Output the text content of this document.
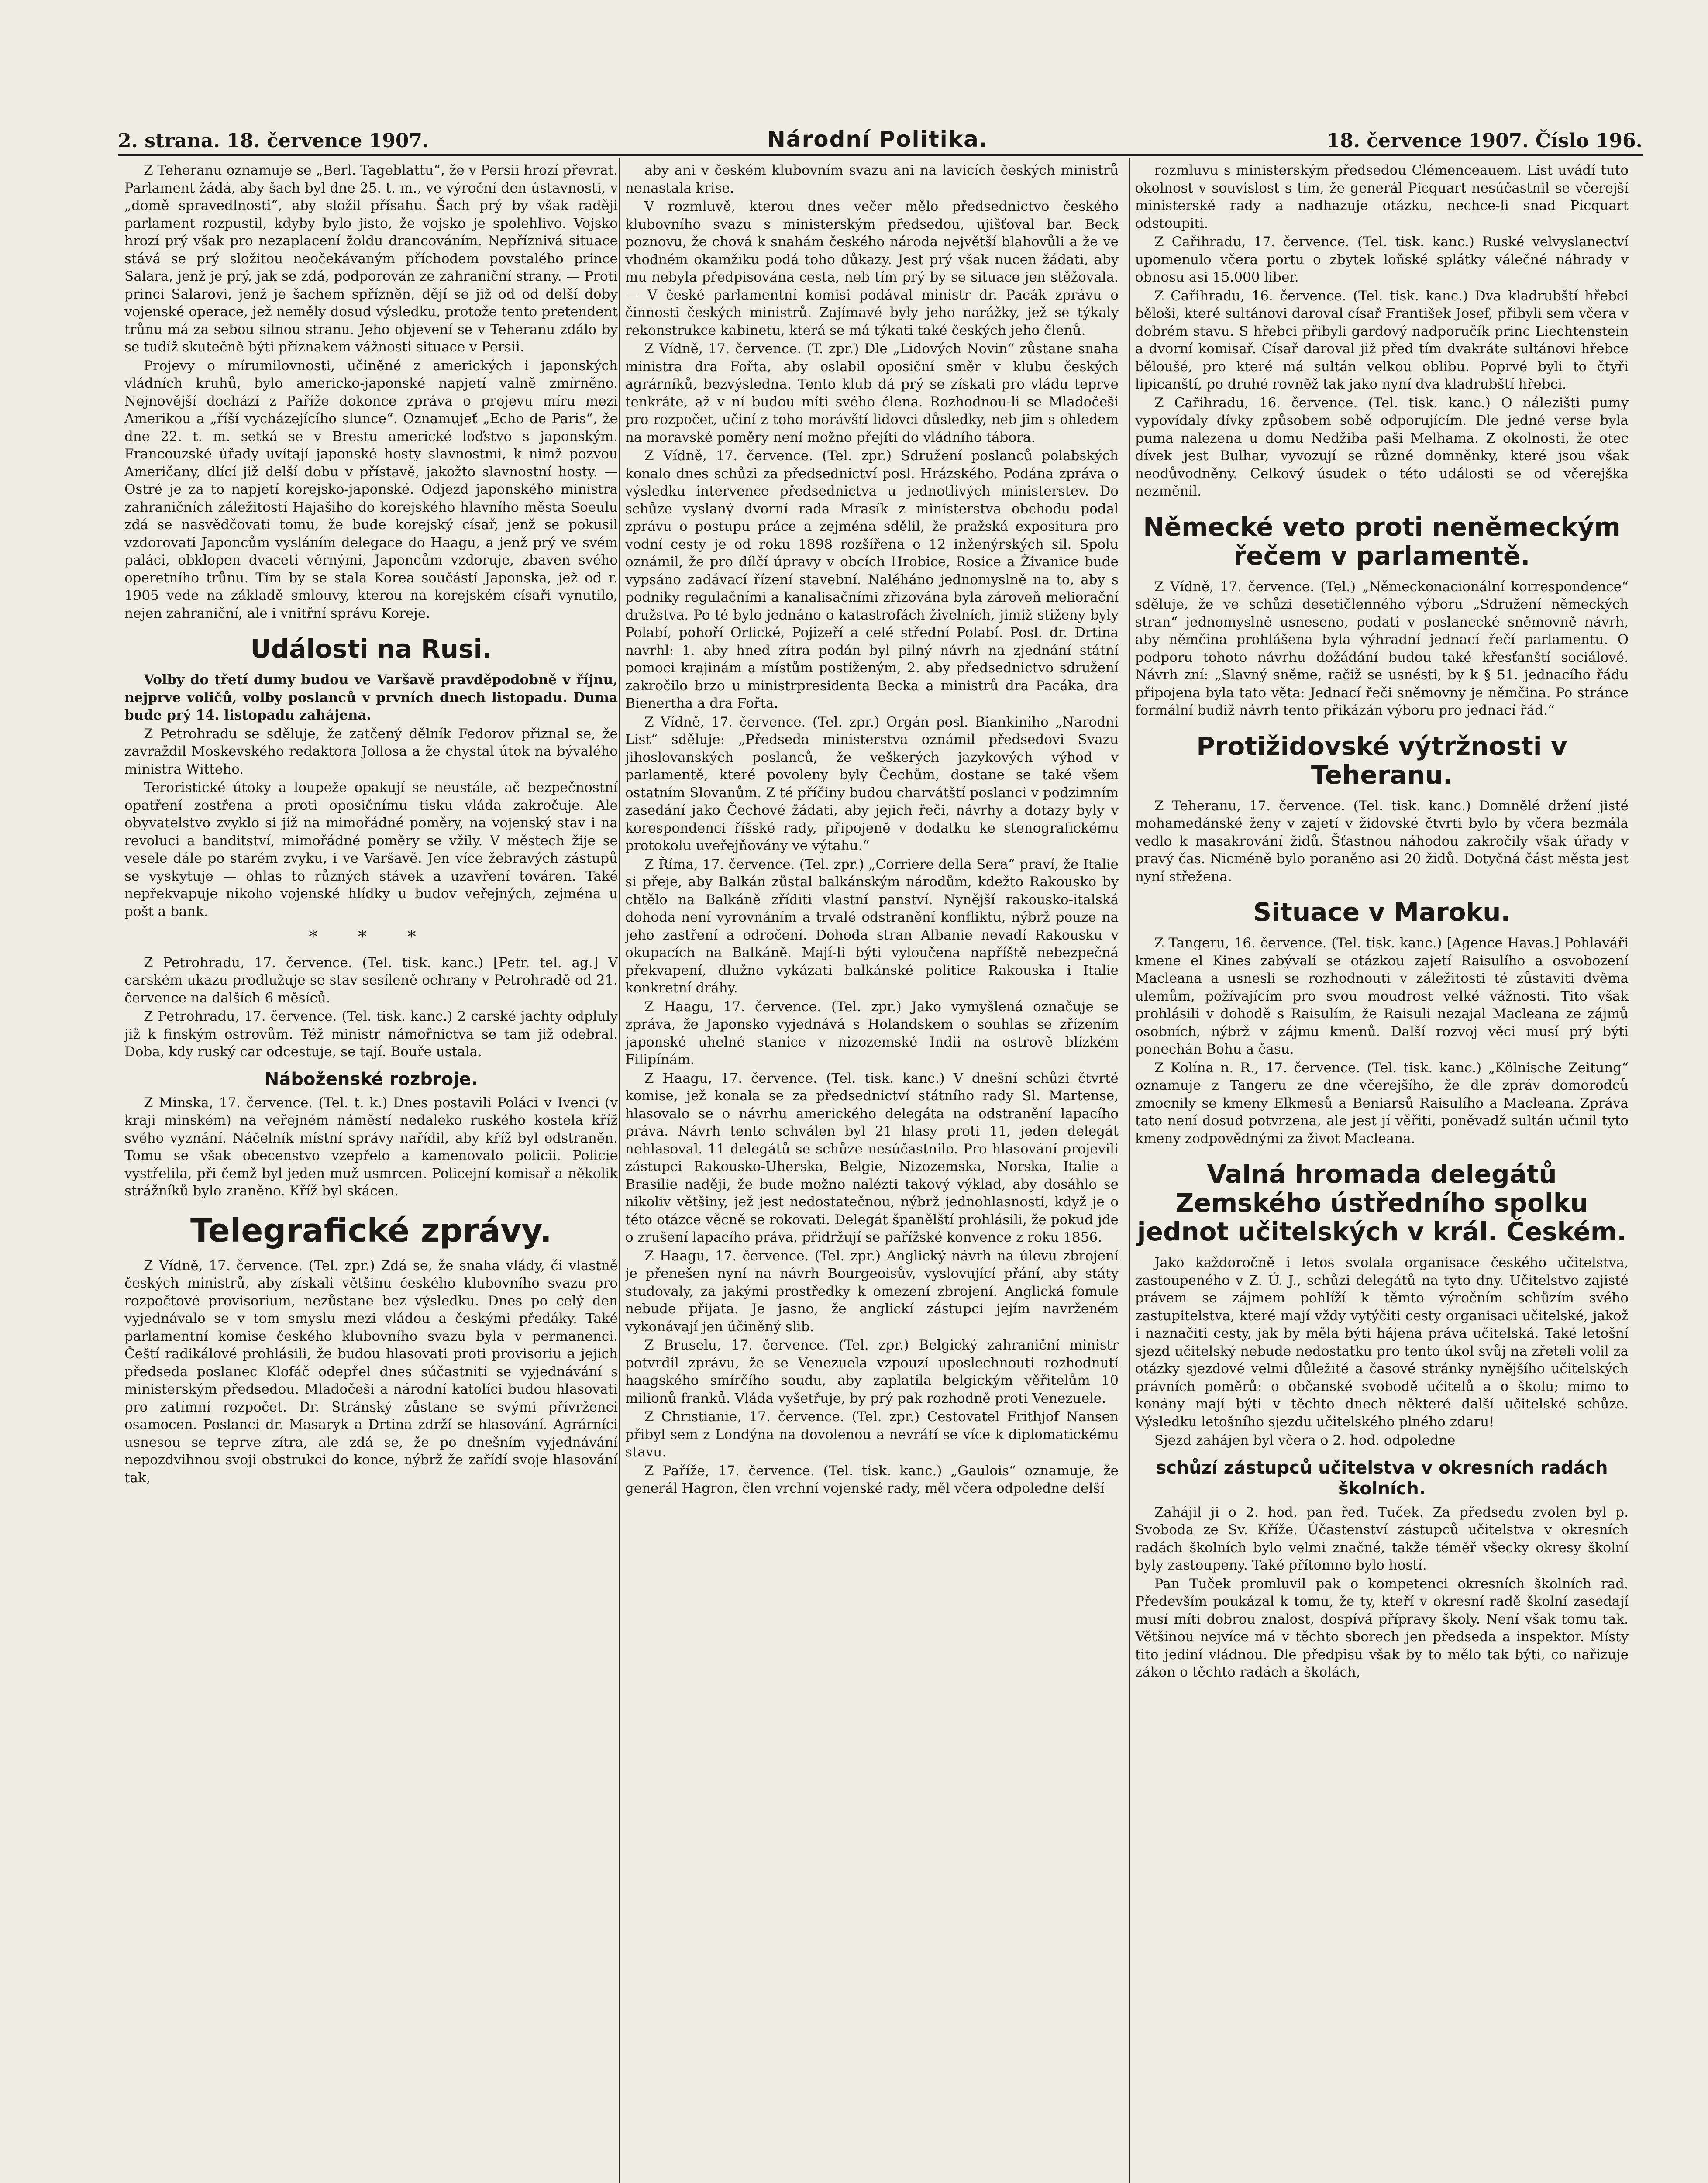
2. strana. 18. července 1907.	Národní Politika.	18. července 1907. Číslo 196.

Z Teheranu oznamuje se „Berl. Tageblattu“, že v Persii hrozí převrat. Parlament žádá, aby šach byl dne 25. t. m., ve výroční den ústavnosti, v „domě spravedlnosti“, aby složil přísahu. Šach prý by však raději parlament rozpustil, kdyby bylo jisto, že vojsko je spolehlivo. Vojsko hrozí prý však pro nezaplacení žoldu drancováním. Nepříznivá situace stává se prý složitou neočekávaným příchodem povstalého prince Salara, jenž je prý, jak se zdá, podporován ze zahraniční strany. — Proti princi Salarovi, jenž je šachem spřízněn, dějí se již od od delší doby vojenské operace, jež neměly dosud výsledku, protože tento pretendent trůnu má za sebou silnou stranu. Jeho objevení se v Teheranu zdálo by se tudíž skutečně býti příznakem vážnosti situace v Persii.

Projevy o mírumilovnosti, učiněné z amerických i japonských vládních kruhů, bylo americko-japonské napjetí valně zmírněno. Nejnovější dochází z Paříže dokonce zpráva o projevu míru mezi Amerikou a „říší vycházejícího slunce“. Oznamujeť „Echo de Paris“, že dne 22. t. m. setká se v Brestu americké loďstvo s japonským. Francouzské úřady uvítají japonské hosty slavnostmi, k nimž pozvou Američany, dlící již delší dobu v přístavě, jakožto slavnostní hosty. — Ostré je za to napjetí korejsko-japonské. Odjezd japonského ministra zahraničních záležitostí Hajašiho do korejského hlavního města Soeulu zdá se nasvědčovati tomu, že bude korejský císař, jenž se pokusil vzdorovati Japoncům vysláním delegace do Haagu, a jenž prý ve svém paláci, obklopen dvaceti věrnými, Japoncům vzdoruje, zbaven svého operetního trůnu. Tím by se stala Korea součástí Japonska, jež od r. 1905 vede na základě smlouvy, kterou na korejském císaři vynutilo, nejen zahraniční, ale i vnitřní správu Koreje.

Události na Rusi.

Volby do třetí dumy budou ve Varšavě pravděpodobně v říjnu, nejprve voličů, volby poslanců v prvních dnech listopadu. Duma bude prý 14. listopadu zahájena.

Z Petrohradu se sděluje, že zatčený dělník Fedorov přiznal se, že zavraždil Moskevského redaktora Jollosa a že chystal útok na bývalého ministra Witteho.

Teroristické útoky a loupeže opakují se neustále, ač bezpečnostní opatření zostřena a proti oposičnímu tisku vláda zakročuje. Ale obyvatelstvo zvyklo si již na mimořádné poměry, na vojenský stav i na revoluci a banditství, mimořádné poměry se vžily. V městech žije se vesele dále po starém zvyku, i ve Varšavě. Jen více žebravých zástupů se vyskytuje — ohlas to různých stávek a uzavření továren. Také nepřekvapuje nikoho vojenské hlídky u budov veřejných, zejména u pošt a bank.

* * *

Z Petrohradu, 17. července. (Tel. tisk. kanc.) [Petr. tel. ag.] V carském ukazu prodlužuje se stav sesíleně ochrany v Petrohradě od 21. července na dalších 6 měsíců.

Z Petrohradu, 17. července. (Tel. tisk. kanc.) 2 carské jachty odpluly již k finským ostrovům. Též ministr námořnictva se tam již odebral. Doba, kdy ruský car odcestuje, se tají. Bouře ustala.

Náboženské rozbroje.

Z Minska, 17. července. (Tel. t. k.) Dnes postavili Poláci v Ivenci (v kraji minském) na veřejném náměstí nedaleko ruského kostela kříž svého vyznání. Náčelník místní správy nařídil, aby kříž byl odstraněn. Tomu se však obecenstvo vzepřelo a kamenovalo policii. Policie vystřelila, při čemž byl jeden muž usmrcen. Policejní komisař a několik strážníků bylo zraněno. Kříž byl skácen.

Telegrafické zprávy.

Z Vídně, 17. července. (Tel. zpr.) Zdá se, že snaha vlády, či vlastně českých ministrů, aby získali většinu českého klubovního svazu pro rozpočtové provisorium, nezůstane bez výsledku. Dnes po celý den vyjednávalo se v tom smyslu mezi vládou a českými předáky. Také parlamentní komise českého klubovního svazu byla v permanenci. Čeští radikálové prohlásili, že budou hlasovati proti provisoriu a jejich předseda poslanec Klofáč odepřel dnes súčastniti se vyjednávání s ministerským předsedou. Mladočeši a národní katolíci budou hlasovati pro zatímní rozpočet. Dr. Stránský zůstane se svými přívrženci osamocen. Poslanci dr. Masaryk a Drtina zdrží se hlasování. Agrárníci usnesou se teprve zítra, ale zdá se, že po dnešním vyjednávání nepozdvihnou svoji obstrukci do konce, nýbrž že zařídí svoje hlasování tak,

aby ani v českém klubovním svazu ani na lavicích českých ministrů nenastala krise.

V rozmluvě, kterou dnes večer mělo předsednictvo českého klubovního svazu s ministerským předsedou, ujišťoval bar. Beck poznovu, že chová k snahám českého národa největší blahovůli a že ve vhodném okamžiku podá toho důkazy. Jest prý však nucen žádati, aby mu nebyla předpisována cesta, neb tím prý by se situace jen stěžovala. — V české parlamentní komisi podával ministr dr. Pacák zprávu o činnosti českých ministrů. Zajímavé byly jeho narážky, jež se týkaly rekonstrukce kabinetu, která se má týkati také českých jeho členů.

Z Vídně, 17. července. (T. zpr.) Dle „Lidových Novin“ zůstane snaha ministra dra Fořta, aby oslabil oposiční směr v klubu českých agrárníků, bezvýsledna. Tento klub dá prý se získati pro vládu teprve tenkráte, až v ní budou míti svého člena. Rozhodnou-li se Mladočeši pro rozpočet, učiní z toho morávští lidovci důsledky, neb jim s ohledem na moravské poměry není možno přejíti do vládního tábora.

Z Vídně, 17. července. (Tel. zpr.) Sdružení poslanců polabských konalo dnes schůzi za předsednictví posl. Hrázského. Podána zpráva o výsledku intervence předsednictva u jednotlivých ministerstev. Do schůze vyslaný dvorní rada Mrasík z ministerstva obchodu podal zprávu o postupu práce a zejména sdělil, že pražská expositura pro vodní cesty je od roku 1898 rozšířena o 12 inženýrských sil. Spolu oznámil, že pro dílčí úpravy v obcích Hrobice, Rosice a Živanice bude vypsáno zadávací řízení stavební. Naléháno jednomyslně na to, aby s podniky regulačními a kanalisačními zřizována byla zároveň meliorační družstva. Po té bylo jednáno o katastrofách živelních, jimiž stiženy byly Polabí, pohoří Orlické, Pojizeří a celé střední Polabí. Posl. dr. Drtina navrhl: 1. aby hned zítra podán byl pilný návrh na zjednání státní pomoci krajinám a místům postiženým, 2. aby předsednictvo sdružení zakročilo brzo u ministrpresidenta Becka a ministrů dra Pacáka, dra Bienertha a dra Fořta.

Z Vídně, 17. července. (Tel. zpr.) Orgán posl. Biankiniho „Narodni List“ sděluje: „Předseda ministerstva oznámil předsedovi Svazu jihoslovanských poslanců, že veškerých jazykových výhod v parlamentě, které povoleny byly Čechům, dostane se také všem ostatním Slovanům. Z té příčiny budou charvátští poslanci v podzimním zasedání jako Čechové žádati, aby jejich řeči, návrhy a dotazy byly v korespondenci říšské rady, připojeně v dodatku ke stenografickému protokolu uveřejňovány ve výtahu.“

Z Říma, 17. července. (Tel. zpr.) „Corriere della Sera“ praví, že Italie si přeje, aby Balkán zůstal balkánským národům, kdežto Rakousko by chtělo na Balkáně zříditi vlastní panství. Nynější rakousko-italská dohoda není vyrovnáním a trvalé odstranění konfliktu, nýbrž pouze na jeho zastření a odročení. Dohoda stran Albanie nevadí Rakousku v okupacích na Balkáně. Mají-li býti vyloučena napříště nebezpečná překvapení, dlužno vykázati balkánské politice Rakouska i Italie konkretní dráhy.

Z Haagu, 17. července. (Tel. zpr.) Jako vymyšlená označuje se zpráva, že Japonsko vyjednává s Holandskem o souhlas se zřízením japonské uhelné stanice v nizozemské Indii na ostrově blízkém Filipínám.

Z Haagu, 17. července. (Tel. tisk. kanc.) V dnešní schůzi čtvrté komise, jež konala se za předsednictví státního rady Sl. Martense, hlasovalo se o návrhu amerického delegáta na odstranění lapacího práva. Návrh tento schválen byl 21 hlasy proti 11, jeden delegát nehlasoval. 11 delegátů se schůze nesúčastnilo. Pro hlasování projevili zástupci Rakousko-Uherska, Belgie, Nizozemska, Norska, Italie a Brasilie naději, že bude možno nalézti takový výklad, aby dosáhlo se nikoliv většiny, jež jest nedostatečnou, nýbrž jednohlasnosti, když je o této otázce věcně se rokovati. Delegát španělští prohlásili, že pokud jde o zrušení lapacího práva, přidržují se pařížské konvence z roku 1856.

Z Haagu, 17. července. (Tel. zpr.) Anglický návrh na úlevu zbrojení je přenešen nyní na návrh Bourgeoisův, vyslovující přání, aby státy studovaly, za jakými prostředky k omezení zbrojení. Anglická fomule nebude přijata. Je jasno, že anglickí zástupci jejím navrženém vykonávají jen účiněný slib.

Z Bruselu, 17. července. (Tel. zpr.) Belgický zahraniční ministr potvrdil zprávu, že se Venezuela vzpouzí uposlechnouti rozhodnutí haagského smírčího soudu, aby zaplatila belgickým věřitelům 10 milionů franků. Vláda vyšetřuje, by prý pak rozhodně proti Venezuele.

Z Christianie, 17. července. (Tel. zpr.) Cestovatel Frithjof Nansen přibyl sem z Londýna na dovolenou a nevrátí se více k diplomatickému stavu.

Z Paříže, 17. července. (Tel. tisk. kanc.) „Gaulois“ oznamuje, že generál Hagron, člen vrchní vojenské rady, měl včera odpoledne delší

rozmluvu s ministerským předsedou Clémenceauem. List uvádí tuto okolnost v souvislost s tím, že generál Picquart nesúčastnil se včerejší ministerské rady a nadhazuje otázku, nechce-li snad Picquart odstoupiti.

Z Cařihradu, 17. července. (Tel. tisk. kanc.) Ruské velvyslanectví upomenulo včera portu o zbytek loňské splátky válečné náhrady v obnosu asi 15.000 liber.

Z Cařihradu, 16. července. (Tel. tisk. kanc.) Dva kladrubští hřebci běloši, které sultánovi daroval císař František Josef, přibyli sem včera v dobrém stavu. S hřebci přibyli gardový nadporučík princ Liechtenstein a dvorní komisař. Císař daroval již před tím dvakráte sultánovi hřebce běloušé, pro které má sultán velkou oblibu. Poprvé byli to čtyři lipicanští, po druhé rovněž tak jako nyní dva kladrubští hřebci.

Z Cařihradu, 16. července. (Tel. tisk. kanc.) O nálezišti pumy vypovídaly dívky způsobem sobě odporujícím. Dle jedné verse byla puma nalezena u domu Nedžiba paši Melhama. Z okolnosti, že otec dívek jest Bulhar, vyvozují se různé domněnky, které jsou však neodůvodněny. Celkový úsudek o této události se od včerejška nezměnil.

Německé veto proti neněmeckým řečem v parlamentě.

Z Vídně, 17. července. (Tel.) „Německonacionální korrespondence“ sděluje, že ve schůzi desetičlenného výboru „Sdružení německých stran“ jednomyslně usneseno, podati v poslanecké sněmovně návrh, aby němčina prohlášena byla výhradní jednací řečí parlamentu. O podporu tohoto návrhu dožádání budou také křesťanští sociálové. Návrh zní: „Slavný sněme, račiž se usnésti, by k § 51. jednacího řádu připojena byla tato věta: Jednací řeči sněmovny je němčina. Po stránce formální budiž návrh tento přikázán výboru pro jednací řád.“

Protižidovské výtržnosti v Teheranu.

Z Teheranu, 17. července. (Tel. tisk. kanc.) Domnělé držení jisté mohamedánské ženy v zajetí v židovské čtvrti bylo by včera bezmála vedlo k masakrování židů. Šťastnou náhodou zakročily však úřady v pravý čas. Nicméně bylo poraněno asi 20 židů. Dotyčná část města jest nyní střežena.

Situace v Maroku.

Z Tangeru, 16. července. (Tel. tisk. kanc.) [Agence Havas.] Pohlaváři kmene el Kines zabývali se otázkou zajetí Raisulího a osvobození Macleana a usnesli se rozhodnouti v záležitosti té zůstaviti dvěma ulemům, požívajícím pro svou moudrost velké vážnosti. Tito však prohlásili v dohodě s Raisulím, že Raisuli nezajal Macleana ze zájmů osobních, nýbrž v zájmu kmenů. Další rozvoj věci musí prý býti ponechán Bohu a času.

Z Kolína n. R., 17. července. (Tel. tisk. kanc.) „Kölnische Zeitung“ oznamuje z Tangeru ze dne včerejšího, že dle zpráv domorodců zmocnily se kmeny Elkmesů a Beniarsů Raisulího a Macleana. Zpráva tato není dosud potvrzena, ale jest jí věřiti, poněvadž sultán učinil tyto kmeny zodpovědnými za život Macleana.

Valná hromada delegátů Zemského ústředního spolku jednot učitelských v král. Českém.

Jako každoročně i letos svolala organisace českého učitelstva, zastoupeného v Z. Ú. J., schůzi delegátů na tyto dny. Učitelstvo zajisté právem se zájmem pohlíží k těmto výročním schůzím svého zastupitelstva, které mají vždy vytýčiti cesty organisaci učitelské, jakož i naznačiti cesty, jak by měla býti hájena práva učitelská. Také letošní sjezd učitelský nebude nedostatku pro tento úkol svůj na zřeteli volil za otázky sjezdové velmi důležité a časové stránky nynějšího učitelských právních poměrů: o občanské svobodě učitelů a o školu; mimo to konány mají býti v těchto dnech některé další učitelské schůze. Výsledku letošního sjezdu učitelského plného zdaru!

Sjezd zahájen byl včera o 2. hod. odpoledne

schůzí zástupců učitelstva v okresních radách školních.

Zahájil ji o 2. hod. pan řed. Tuček. Za předsedu zvolen byl p. Svoboda ze Sv. Kříže. Účastenství zástupců učitelstva v okresních radách školních bylo velmi značné, takže téměř všecky okresy školní byly zastoupeny. Také přítomno bylo hostí.

Pan Tuček promluvil pak o kompetenci okresních školních rad. Především poukázal k tomu, že ty, kteří v okresní radě školní zasedají musí míti dobrou znalost, dospívá přípravy školy. Není však tomu tak. Většinou nejvíce má v těchto sborech jen předseda a inspektor. Místy tito jediní vládnou. Dle předpisu však by to mělo tak býti, co nařizuje zákon o těchto radách a školách,
